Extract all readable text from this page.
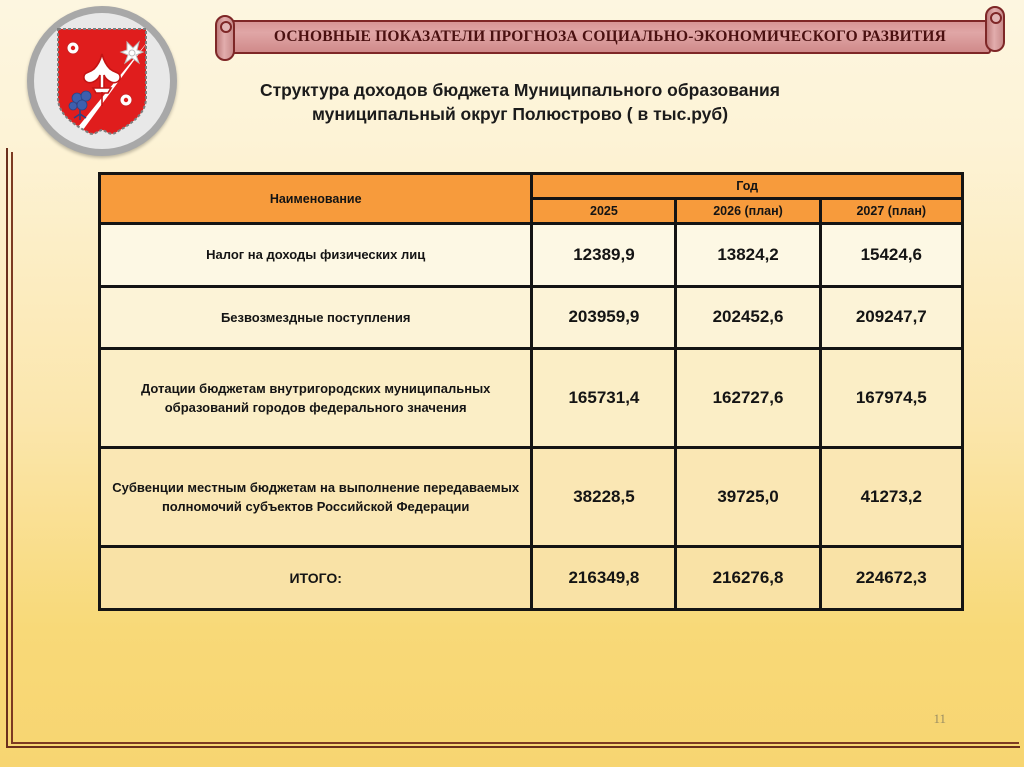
ОСНОВНЫЕ ПОКАЗАТЕЛИ ПРОГНОЗА СОЦИАЛЬНО-ЭКОНОМИЧЕСКОГО РАЗВИТИЯ
Структура доходов бюджета Муниципального образования
муниципальный округ Полюстрово ( в тыс.руб)
Наименование	Год		
	2025	2026 (план)	2027 (план)
Налог на доходы физических лиц	12389,9	13824,2	15424,6
Безвозмездные поступления	203959,9	202452,6	209247,7
Дотации бюджетам внутригородских муниципальных образований городов федерального значения	165731,4	162727,6	167974,5
Субвенции местным бюджетам на выполнение передаваемых полномочий субъектов Российской Федерации	38228,5	39725,0	41273,2
ИТОГО:	216349,8	216276,8	224672,3
11
